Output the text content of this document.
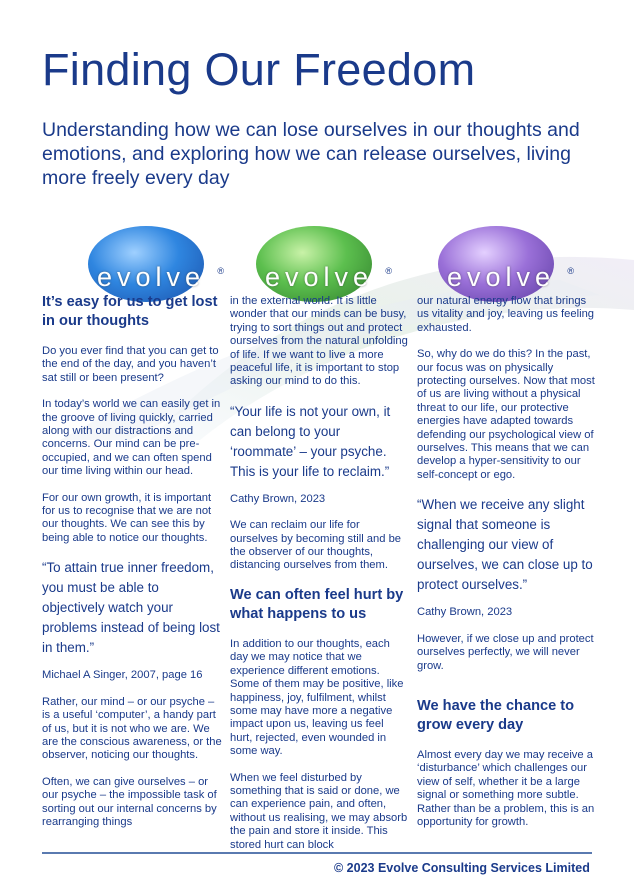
Finding Our Freedom
Understanding how we can lose ourselves in our thoughts and emotions, and exploring how we can release ourselves, living more freely every day
evolve	®	evolve	®	evolve	®
It’s easy for us to get lost in our thoughts

Do you ever find that you can get to the end of the day, and you haven’t sat still or been present?

In today’s world we can easily get in the groove of living quickly, carried along with our distractions and concerns. Our mind can be pre-occupied, and we can often spend our time living within our head.

For our own growth, it is important for us to recognise that we are not our thoughts. We can see this by being able to notice our thoughts.

“To attain true inner freedom, you must be able to objectively watch your problems instead of being lost in them.”

Michael A Singer, 2007, page 16

Rather, our mind – or our psyche – is a useful ‘computer’, a handy part of us, but it is not who we are. We are the conscious awareness, or the observer, noticing our thoughts.

Often, we can give ourselves – or our psyche – the impossible task of sorting out our internal concerns by rearranging things

in the external world. It is little wonder that our minds can be busy, trying to sort things out and protect ourselves from the natural unfolding of life. If we want to live a more peaceful life, it is important to stop asking our mind to do this.

“Your life is not your own, it can belong to your ‘roommate’ – your psyche. This is your life to reclaim.”

Cathy Brown, 2023

We can reclaim our life for ourselves by becoming still and be the observer of our thoughts, distancing ourselves from them.

We can often feel hurt by what happens to us

In addition to our thoughts, each day we may notice that we experience different emotions. Some of them may be positive, like happiness, joy, fulfilment, whilst some may have more a negative impact upon us, leaving us feel hurt, rejected, even wounded in some way.

When we feel disturbed by something that is said or done, we can experience pain, and often, without us realising, we may absorb the pain and store it inside. This stored hurt can block

our natural energy flow that brings us vitality and joy, leaving us feeling exhausted.

So, why do we do this? In the past, our focus was on physically protecting ourselves. Now that most of us are living without a physical threat to our life, our protective energies have adapted towards defending our psychological view of ourselves. This means that we can develop a hyper-sensitivity to our self-concept or ego.

“When we receive any slight signal that someone is challenging our view of ourselves, we can close up to protect ourselves.”

Cathy Brown, 2023

However, if we close up and protect ourselves perfectly, we will never grow.

We have the chance to grow every day

Almost every day we may receive a ‘disturbance’ which challenges our view of self, whether it be a large signal or something more subtle. Rather than be a problem, this is an opportunity for growth.

© 2023 Evolve Consulting Services Limited
